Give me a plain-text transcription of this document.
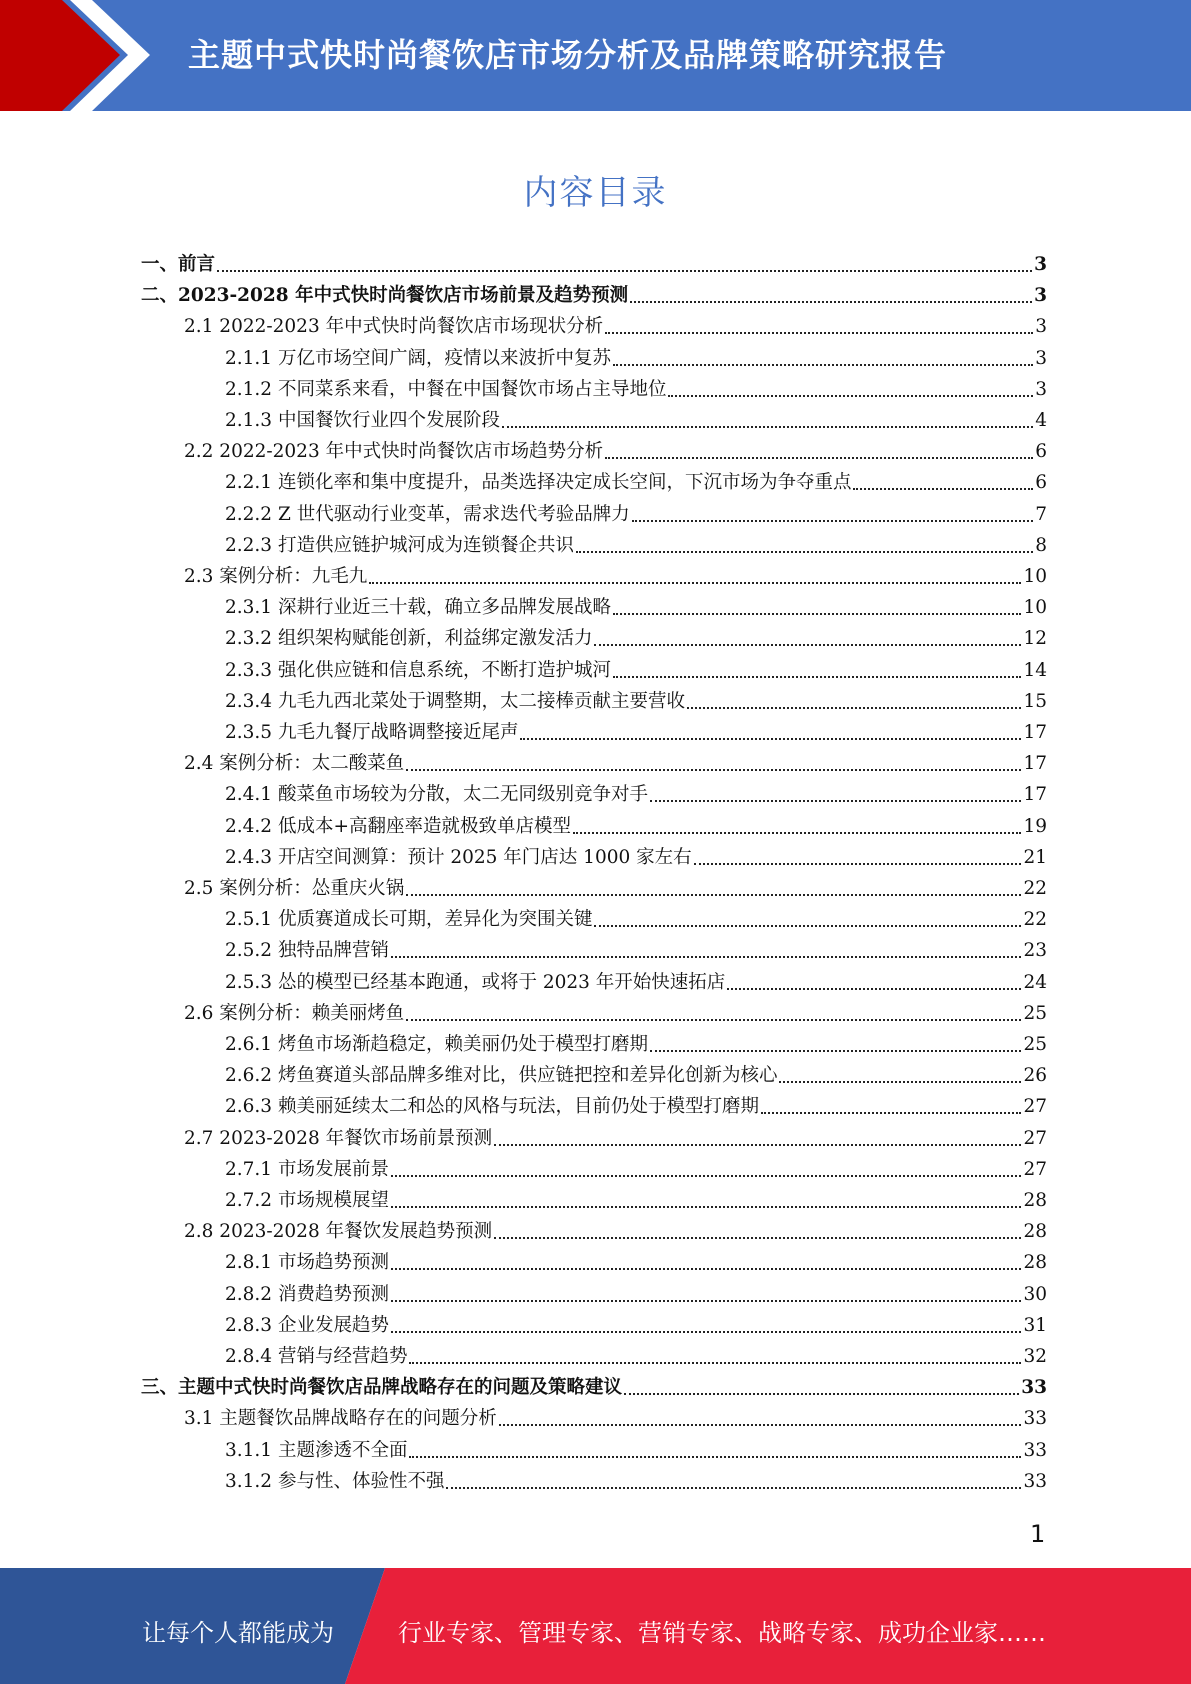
主题中式快时尚餐饮店市场分析及品牌策略研究报告
内容目录
一、前言	3
二、2023-2028 年中式快时尚餐饮店市场前景及趋势预测	3
2.1 2022-2023 年中式快时尚餐饮店市场现状分析	3
2.1.1 万亿市场空间广阔，疫情以来波折中复苏	3
2.1.2 不同菜系来看，中餐在中国餐饮市场占主导地位	3
2.1.3 中国餐饮行业四个发展阶段	4
2.2 2022-2023 年中式快时尚餐饮店市场趋势分析	6
2.2.1 连锁化率和集中度提升，品类选择决定成长空间，下沉市场为争夺重点	6
2.2.2 Z 世代驱动行业变革，需求迭代考验品牌力	7
2.2.3 打造供应链护城河成为连锁餐企共识	8
2.3 案例分析：九毛九	10
2.3.1 深耕行业近三十载，确立多品牌发展战略	10
2.3.2 组织架构赋能创新，利益绑定激发活力	12
2.3.3 强化供应链和信息系统，不断打造护城河	14
2.3.4 九毛九西北菜处于调整期，太二接棒贡献主要营收	15
2.3.5 九毛九餐厅战略调整接近尾声	17
2.4 案例分析：太二酸菜鱼	17
2.4.1 酸菜鱼市场较为分散，太二无同级别竞争对手	17
2.4.2 低成本+高翻座率造就极致单店模型	19
2.4.3 开店空间测算：预计 2025 年门店达 1000 家左右	21
2.5 案例分析：怂重庆火锅	22
2.5.1 优质赛道成长可期，差异化为突围关键	22
2.5.2 独特品牌营销	23
2.5.3 怂的模型已经基本跑通，或将于 2023 年开始快速拓店	24
2.6 案例分析：赖美丽烤鱼	25
2.6.1 烤鱼市场渐趋稳定，赖美丽仍处于模型打磨期	25
2.6.2 烤鱼赛道头部品牌多维对比，供应链把控和差异化创新为核心	26
2.6.3 赖美丽延续太二和怂的风格与玩法，目前仍处于模型打磨期	27
2.7 2023-2028 年餐饮市场前景预测	27
2.7.1 市场发展前景	27
2.7.2 市场规模展望	28
2.8 2023-2028 年餐饮发展趋势预测	28
2.8.1 市场趋势预测	28
2.8.2 消费趋势预测	30
2.8.3 企业发展趋势	31
2.8.4 营销与经营趋势	32
三、主题中式快时尚餐饮店品牌战略存在的问题及策略建议	33
3.1 主题餐饮品牌战略存在的问题分析	33
3.1.1 主题渗透不全面	33
3.1.2 参与性、体验性不强	33
1
让每个人都能成为	行业专家、管理专家、营销专家、战略专家、成功企业家……
